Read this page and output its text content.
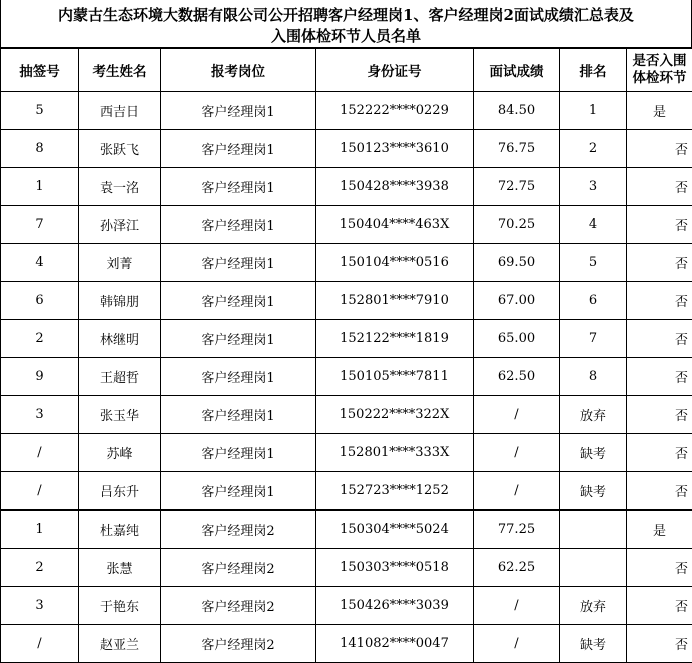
内蒙古生态环境大数据有限公司公开招聘客户经理岗1、客户经理岗2面试成绩汇总表及
入围体检环节人员名单
抽签号	考生姓名	报考岗位	身份证号	面试成绩	排名	是否入围体检环节
5	西吉日	客户经理岗1	152222****0229	84.50	1	是
8	张跃飞	客户经理岗1	150123****3610	76.75	2	否
1	袁一洺	客户经理岗1	150428****3938	72.75	3	否
7	孙泽江	客户经理岗1	150404****463X	70.25	4	否
4	刘菁	客户经理岗1	150104****0516	69.50	5	否
6	韩锦朋	客户经理岗1	152801****7910	67.00	6	否
2	林继明	客户经理岗1	152122****1819	65.00	7	否
9	王超哲	客户经理岗1	150105****7811	62.50	8	否
3	张玉华	客户经理岗1	150222****322X	/	放弃	否
/	苏峰	客户经理岗1	152801****333X	/	缺考	否
/	吕东升	客户经理岗1	152723****1252	/	缺考	否
1	杜嘉纯	客户经理岗2	150304****5024	77.25		是
2	张慧	客户经理岗2	150303****0518	62.25		否
3	于艳东	客户经理岗2	150426****3039	/	放弃	否
/	赵亚兰	客户经理岗2	141082****0047	/	缺考	否
